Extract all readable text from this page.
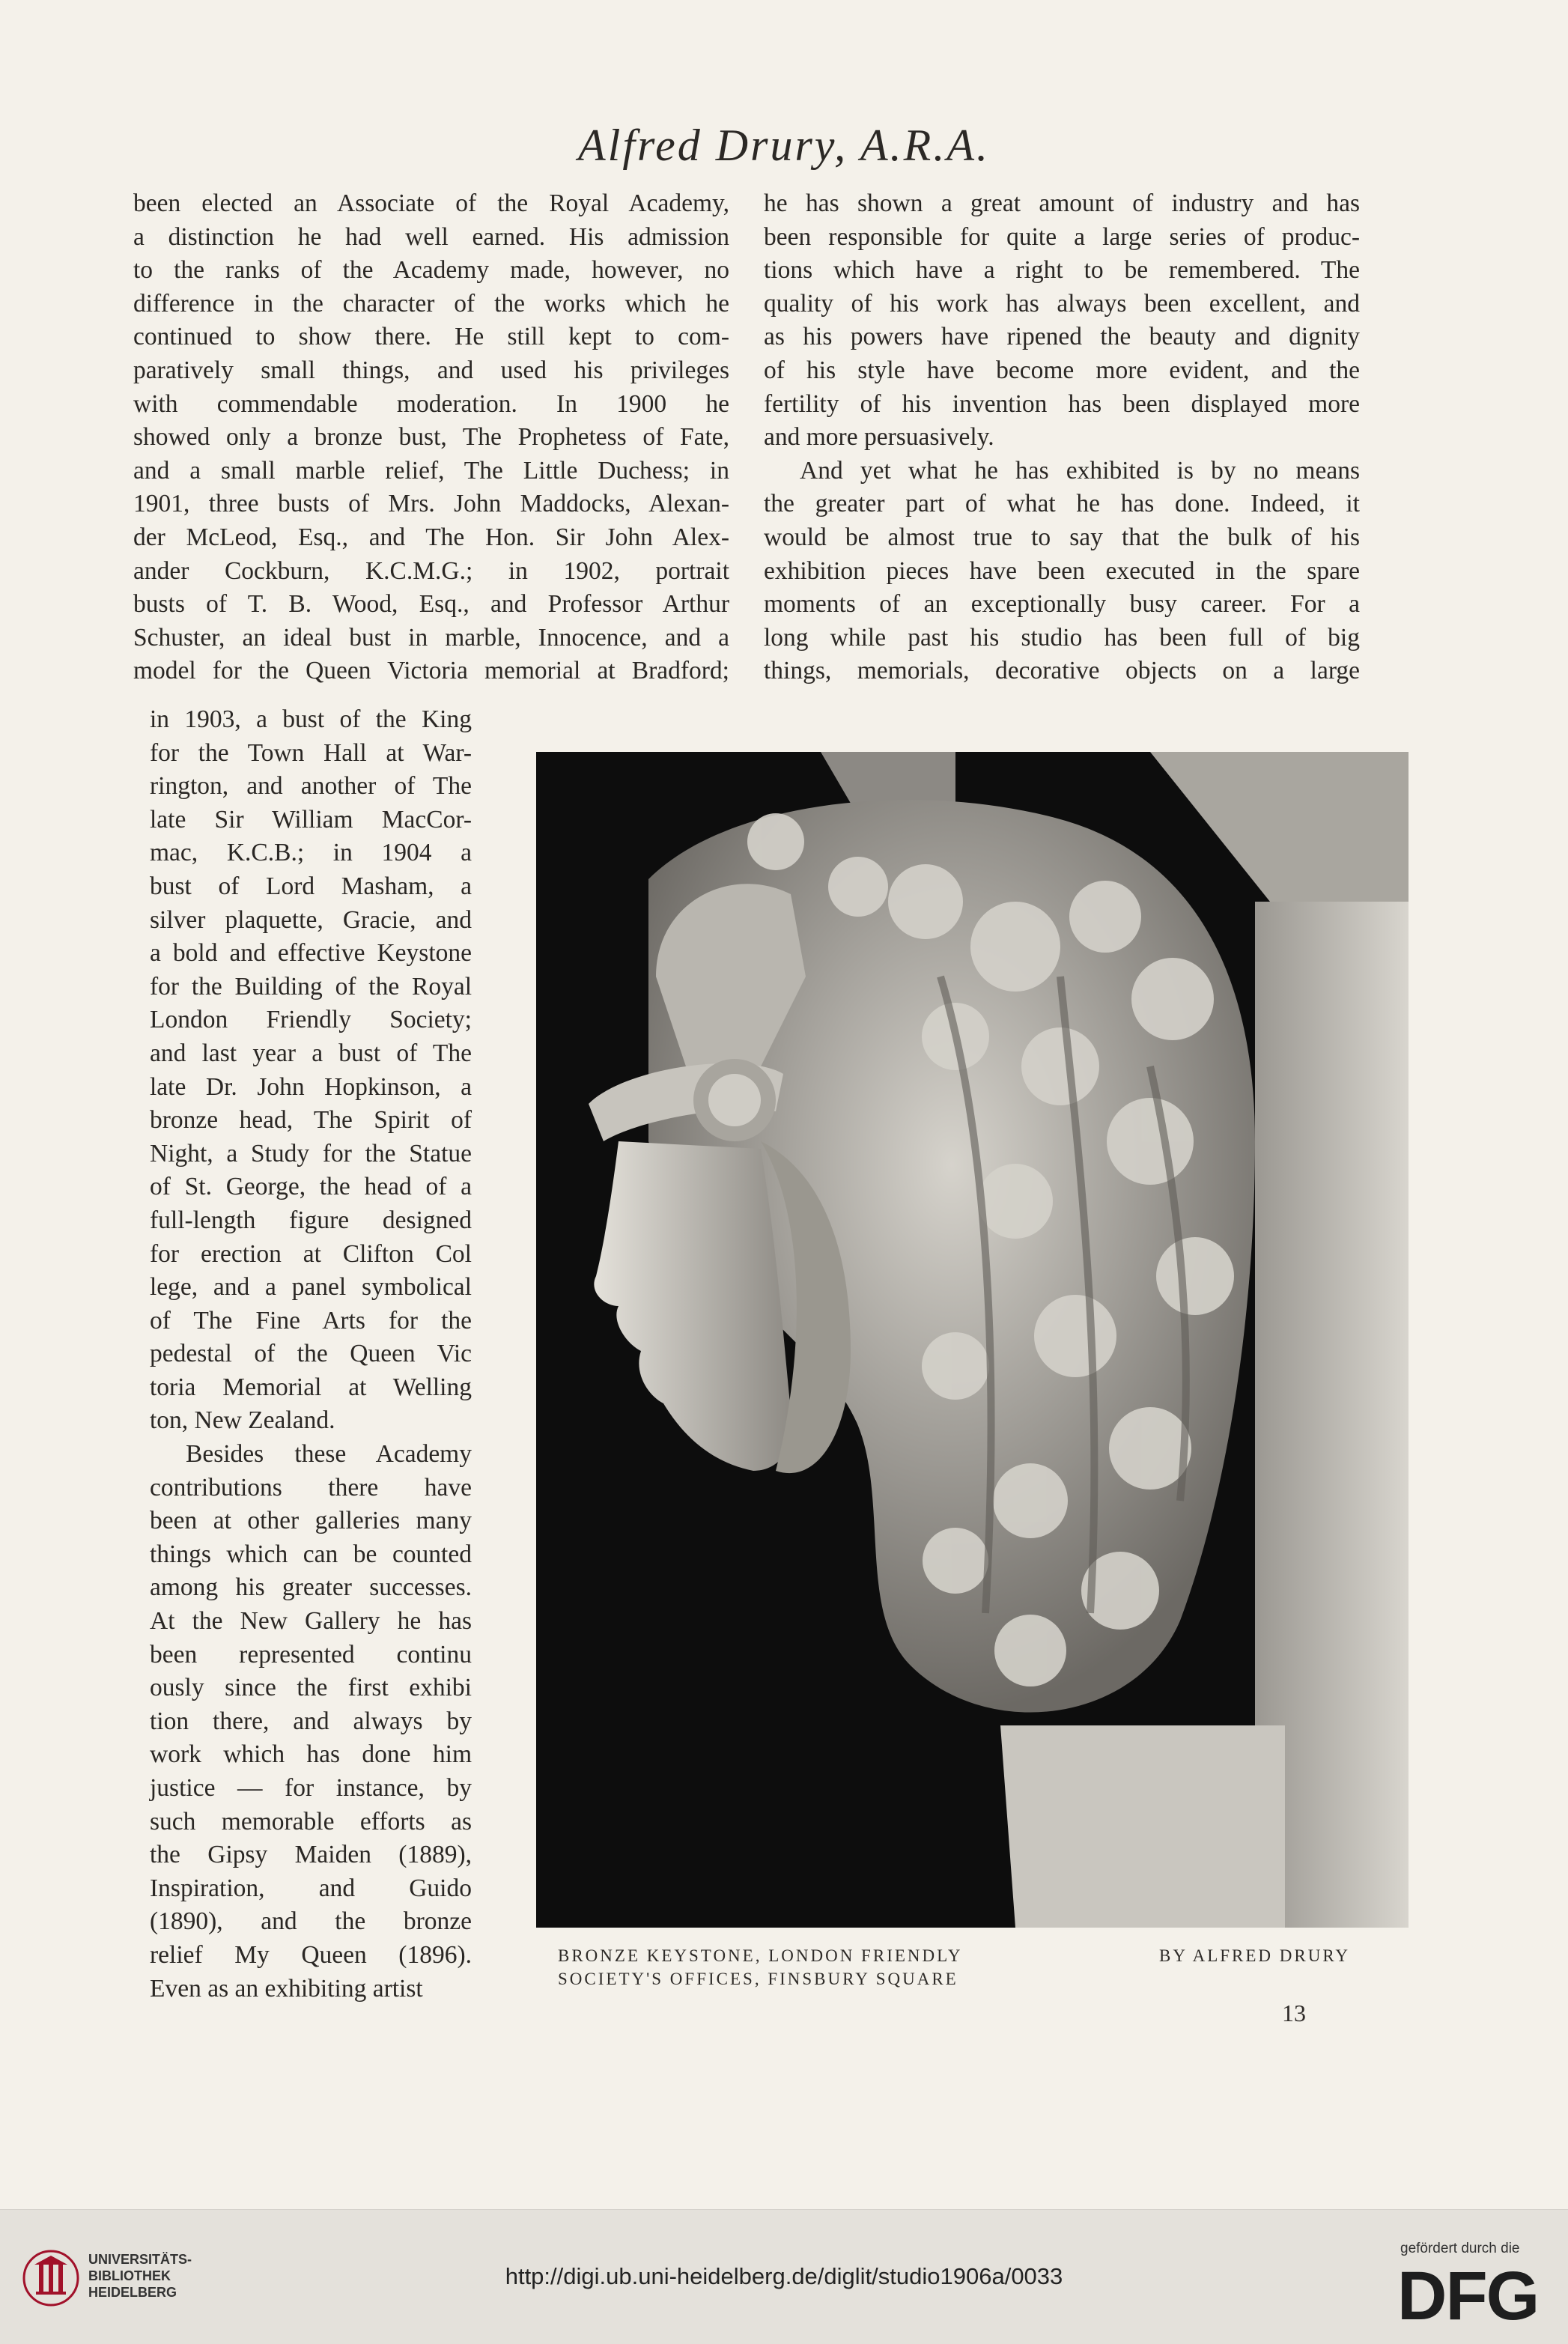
Alfred Drury, A.R.A.
been elected an Associate of the Royal Academy,
a distinction he had well earned. His admission
to the ranks of the Academy made, however, no
difference in the character of the works which he
continued to show there. He still kept to com-
paratively small things, and used his privileges
with commendable moderation. In 1900 he
showed only a bronze bust, The Prophetess of Fate,
and a small marble relief, The Little Duchess; in
1901, three busts of Mrs. John Maddocks, Alexan-
der McLeod, Esq., and The Hon. Sir John Alex-
ander Cockburn, K.C.M.G.; in 1902, portrait
busts of T. B. Wood, Esq., and Professor Arthur
Schuster, an ideal bust in marble, Innocence, and a
model for the Queen Victoria memorial at Bradford;
in 1903, a bust of the King
for the Town Hall at War-
rington, and another of The
late Sir William MacCor-
mac, K.C.B.; in 1904 a
bust of Lord Masham, a
silver plaquette, Gracie, and
a bold and effective Keystone
for the Building of the Royal
London Friendly Society;
and last year a bust of The
late Dr. John Hopkinson, a
bronze head, The Spirit of
Night, a Study for the Statue
of St. George, the head of a
full-length figure designed
for erection at Clifton Col
lege, and a panel symbolical
of The Fine Arts for the
pedestal of the Queen Vic
toria Memorial at Welling
ton, New Zealand.
Besides these Academy
contributions there have
been at other galleries many
things which can be counted
among his greater successes.
At the New Gallery he has
been represented continu
ously since the first exhibi
tion there, and always by
work which has done him
justice — for instance, by
such memorable efforts as
the Gipsy Maiden (1889),
Inspiration, and Guido
(1890), and the bronze
relief My Queen (1896).
Even as an exhibiting artist
he has shown a great amount of industry and has
been responsible for quite a large series of produc-
tions which have a right to be remembered. The
quality of his work has always been excellent, and
as his powers have ripened the beauty and dignity
of his style have become more evident, and the
fertility of his invention has been displayed more
and more persuasively.
And yet what he has exhibited is by no means
the greater part of what he has done. Indeed, it
would be almost true to say that the bulk of his
exhibition pieces have been executed in the spare
moments of an exceptionally busy career. For a
long while past his studio has been full of big
things, memorials, decorative objects on a large
BRONZE KEYSTONE, LONDON FRIENDLY
SOCIETY'S OFFICES, FINSBURY SQUARE
BY ALFRED DRURY
13
UNIVERSITÄTS-
BIBLIOTHEK
HEIDELBERG
http://digi.ub.uni-heidelberg.de/diglit/studio1906a/0033
gefördert durch die
DFG
